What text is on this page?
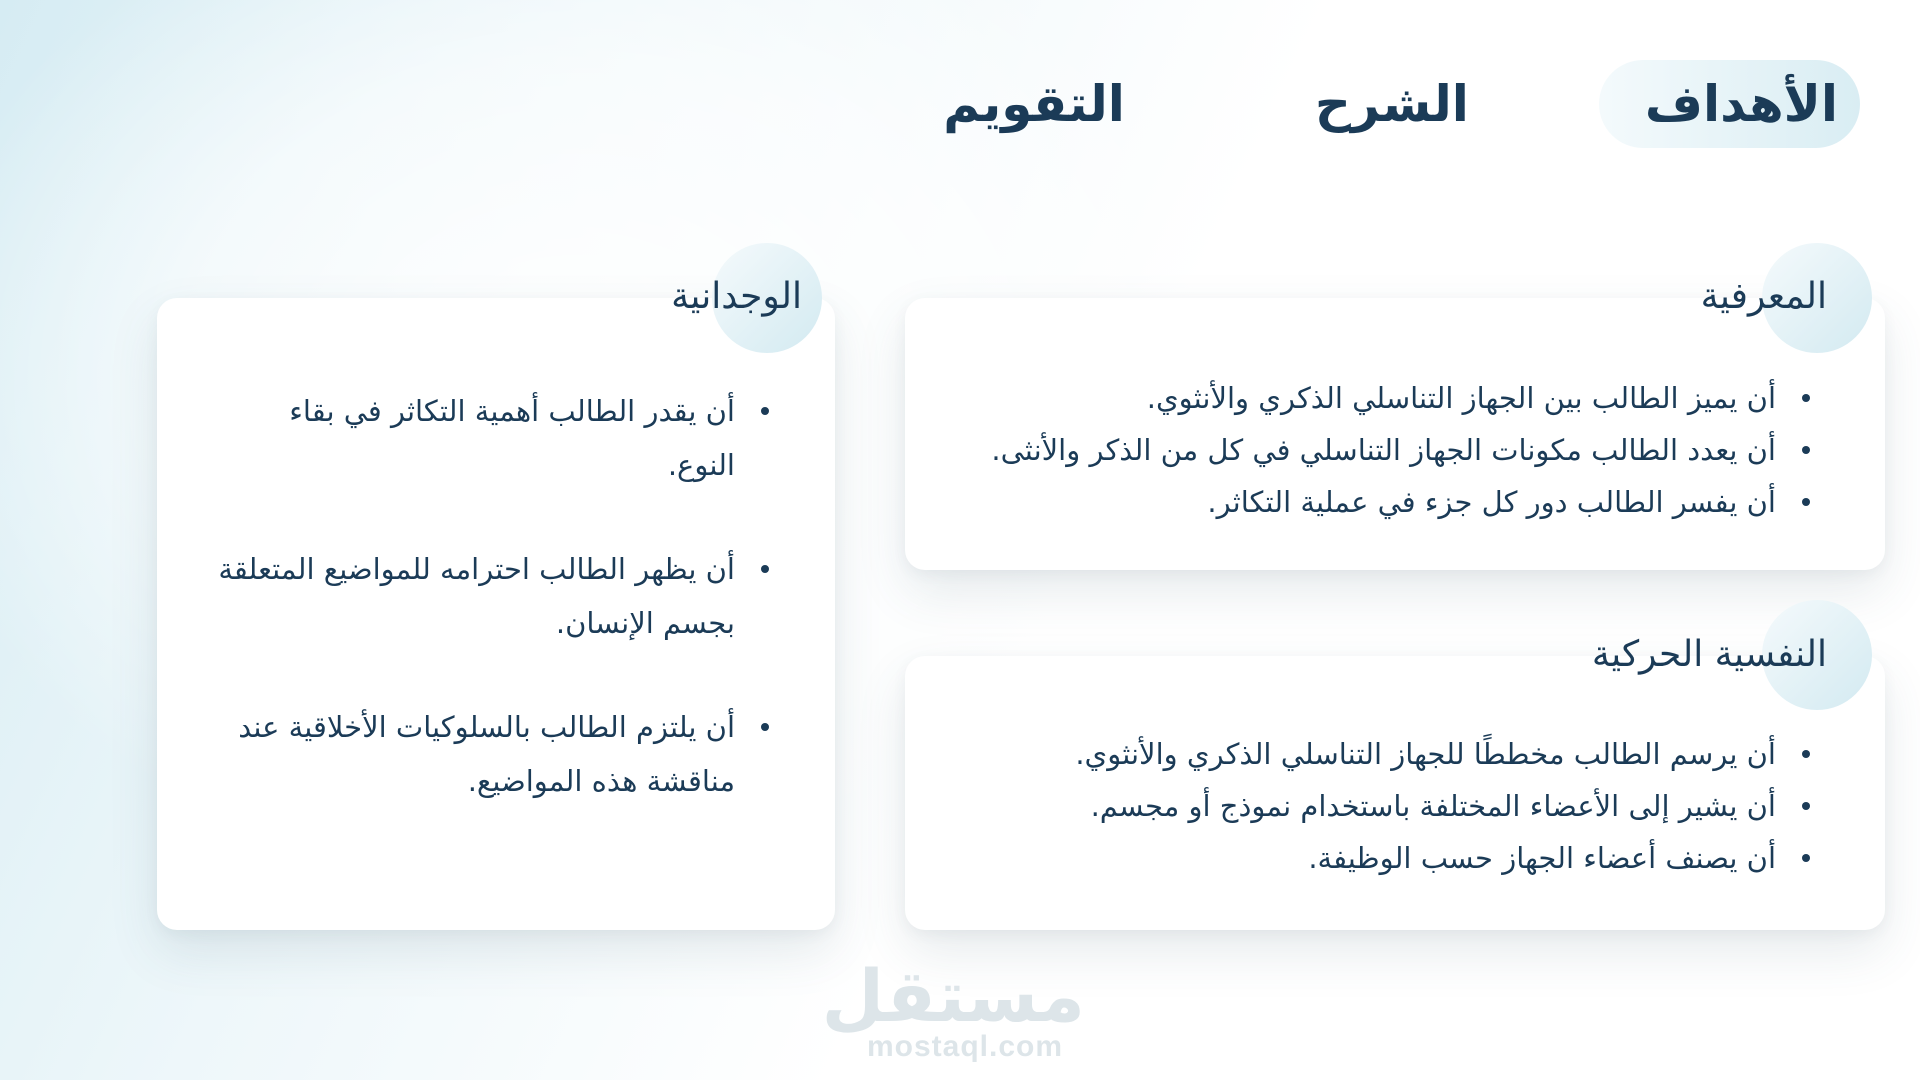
الأهداف
الشرح
التقويم
المعرفية
أن يميز الطالب بين الجهاز التناسلي الذكري والأنثوي.
أن يعدد الطالب مكونات الجهاز التناسلي في كل من الذكر والأنثى.
أن يفسر الطالب دور كل جزء في عملية التكاثر.
النفسية الحركية
أن يرسم الطالب مخططًا للجهاز التناسلي الذكري والأنثوي.
أن يشير إلى الأعضاء المختلفة باستخدام نموذج أو مجسم.
أن يصنف أعضاء الجهاز حسب الوظيفة.
الوجدانية
أن يقدر الطالب أهمية التكاثر في بقاء النوع.
أن يظهر الطالب احترامه للمواضيع المتعلقة بجسم الإنسان.
أن يلتزم الطالب بالسلوكيات الأخلاقية عند مناقشة هذه المواضيع.
مستقل
mostaql.com
